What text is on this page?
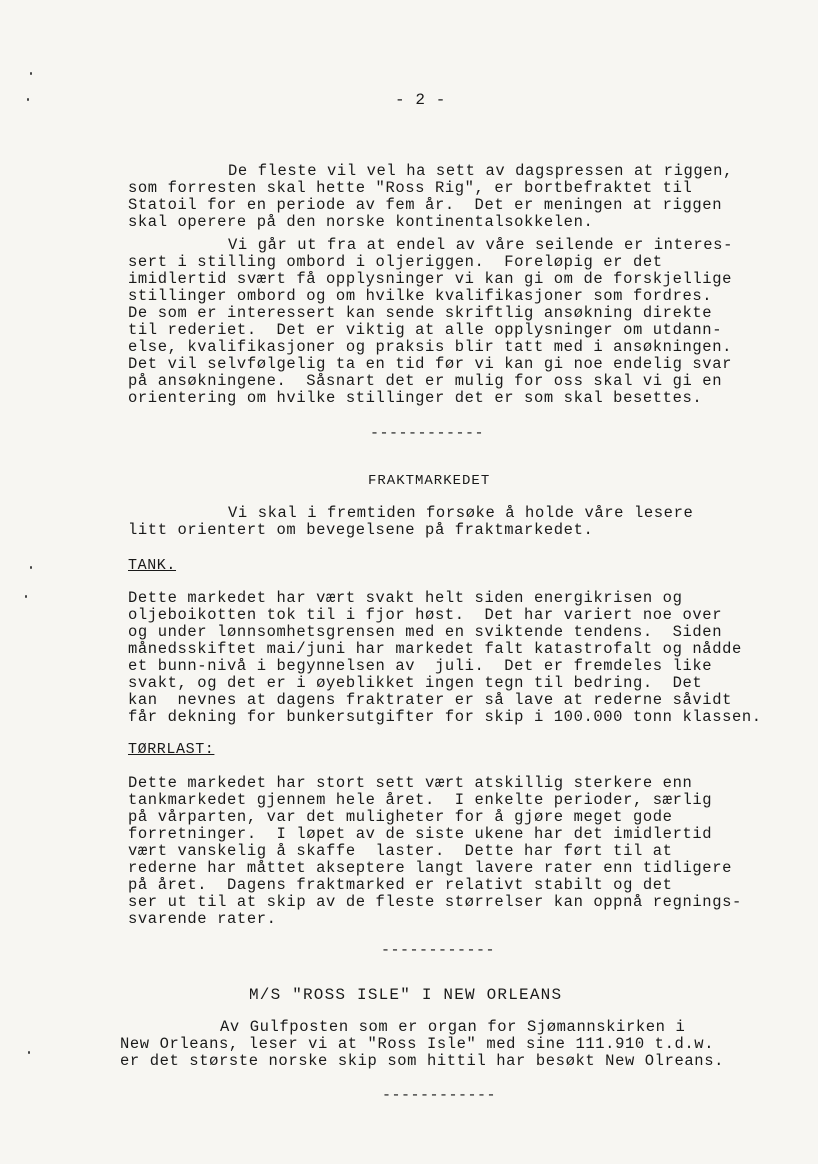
- 2 -
De fleste vil vel ha sett av dagspressen at riggen,
som forresten skal hette "Ross Rig", er bortbefraktet til
Statoil for en periode av fem år.  Det er meningen at riggen
skal operere på den norske kontinentalsokkelen.
Vi går ut fra at endel av våre seilende er interes-
sert i stilling ombord i oljeriggen.  Foreløpig er det
imidlertid svært få opplysninger vi kan gi om de forskjellige
stillinger ombord og om hvilke kvalifikasjoner som fordres.
De som er interessert kan sende skriftlig ansøkning direkte
til rederiet.  Det er viktig at alle opplysninger om utdann-
else, kvalifikasjoner og praksis blir tatt med i ansøkningen.
Det vil selvfølgelig ta en tid før vi kan gi noe endelig svar
på ansøkningene.  Såsnart det er mulig for oss skal vi gi en
orientering om hvilke stillinger det er som skal besettes.
------------
FRAKTMARKEDET
Vi skal i fremtiden forsøke å holde våre lesere
litt orientert om bevegelsene på fraktmarkedet.
TANK.
Dette markedet har vært svakt helt siden energikrisen og
oljeboikotten tok til i fjor høst.  Det har variert noe over
og under lønnsomhetsgrensen med en sviktende tendens.  Siden
månedsskiftet mai/juni har markedet falt katastrofalt og nådde
et bunn-nivå i begynnelsen av  juli.  Det er fremdeles like
svakt, og det er i øyeblikket ingen tegn til bedring.  Det
kan  nevnes at dagens fraktrater er så lave at rederne såvidt
får dekning for bunkersutgifter for skip i 100.000 tonn klassen.
TØRRLAST:
Dette markedet har stort sett vært atskillig sterkere enn
tankmarkedet gjennem hele året.  I enkelte perioder, særlig
på vårparten, var det muligheter for å gjøre meget gode
forretninger.  I løpet av de siste ukene har det imidlertid
vært vanskelig å skaffe  laster.  Dette har ført til at
rederne har måttet akseptere langt lavere rater enn tidligere
på året.  Dagens fraktmarked er relativt stabilt og det
ser ut til at skip av de fleste størrelser kan oppnå regnings-
svarende rater.
------------
M/S "ROSS ISLE" I NEW ORLEANS
Av Gulfposten som er organ for Sjømannskirken i
New Orleans, leser vi at "Ross Isle" med sine 111.910 t.d.w.
er det største norske skip som hittil har besøkt New Olreans.
------------
